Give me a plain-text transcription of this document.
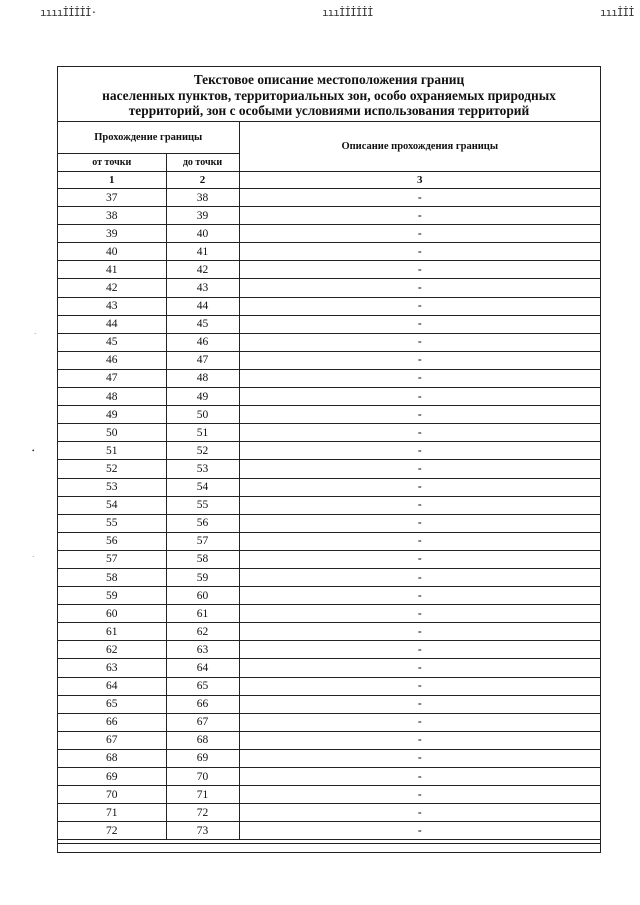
ııııİİİİİ·	ıııİİİİİİ	ıııİİİ
·
•
·
Текстовое описание местоположения границ
населенных пунктов, территориальных зон, особо охраняемых природных
территорий, зон с особыми условиями использования территорий
Прохождение границы		Описание прохождения границы
от точки	до точки	
1	2	3
37	38	-
38	39	-
39	40	-
40	41	-
41	42	-
42	43	-
43	44	-
44	45	-
45	46	-
46	47	-
47	48	-
48	49	-
49	50	-
50	51	-
51	52	-
52	53	-
53	54	-
54	55	-
55	56	-
56	57	-
57	58	-
58	59	-
59	60	-
60	61	-
61	62	-
62	63	-
63	64	-
64	65	-
65	66	-
66	67	-
67	68	-
68	69	-
69	70	-
70	71	-
71	72	-
72	73	-
